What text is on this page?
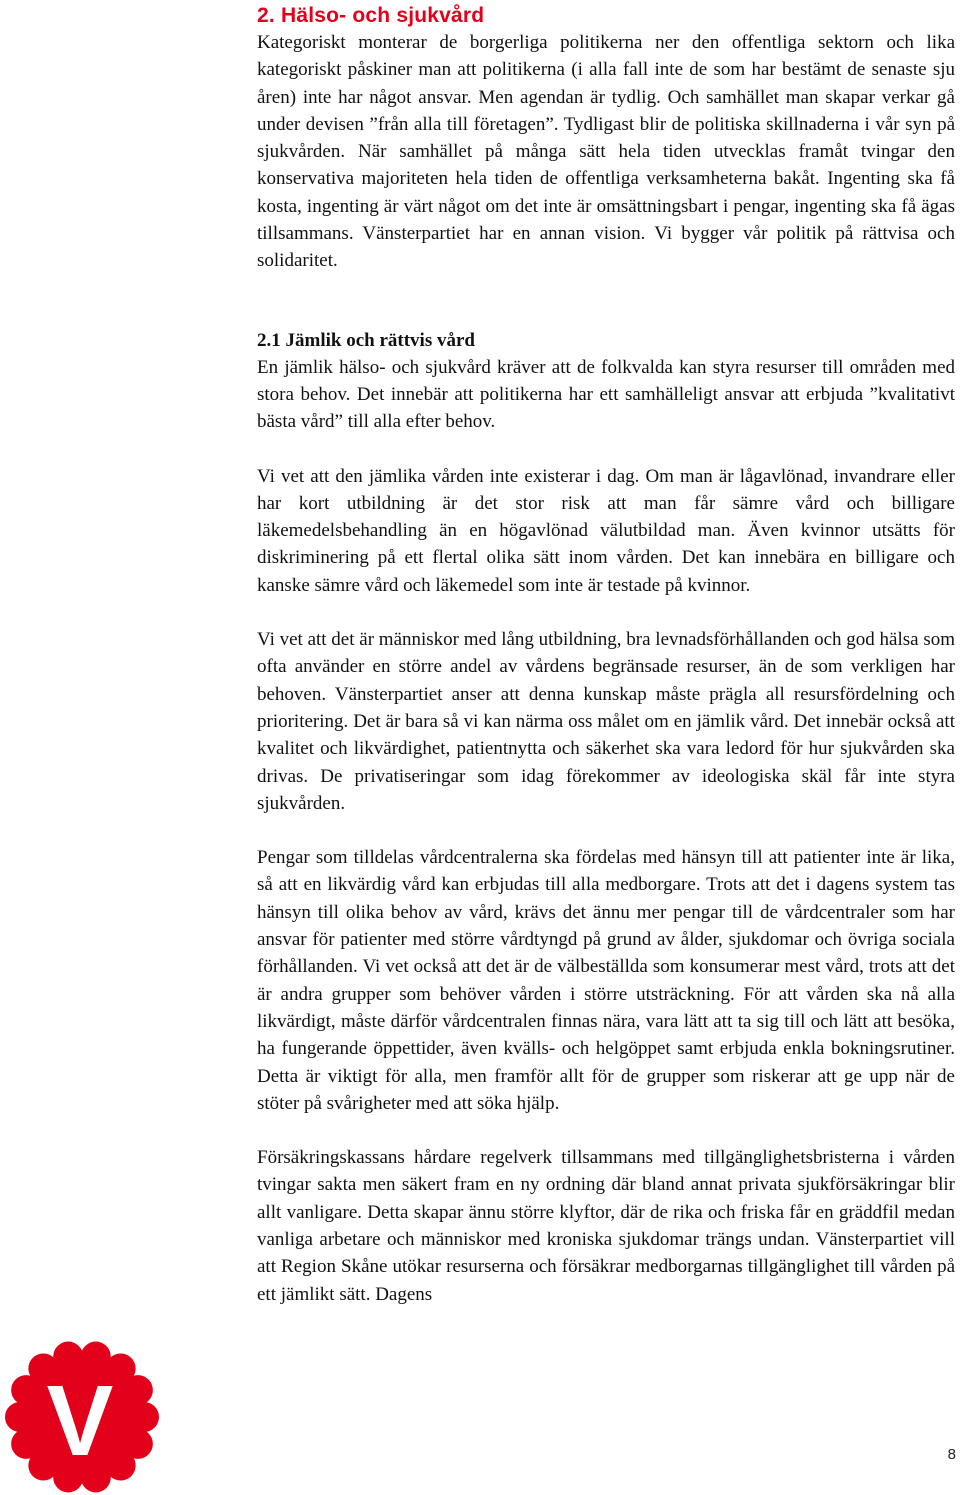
2. Hälso- och sjukvård

Kategoriskt monterar de borgerliga politikerna ner den offentliga sektorn och lika kategoriskt påskiner man att politikerna (i alla fall inte de som har bestämt de senaste sju åren) inte har något ansvar. Men agendan är tydlig. Och samhället man skapar verkar gå under devisen ”från alla till företagen”. Tydligast blir de politiska skillnaderna i vår syn på sjukvården. När samhället på många sätt hela tiden utvecklas framåt tvingar den konservativa majoriteten hela tiden de offentliga verksamheterna bakåt. Ingenting ska få kosta, ingenting är värt något om det inte är omsättningsbart i pengar, ingenting ska få ägas tillsammans. Vänsterpartiet har en annan vision. Vi bygger vår politik på rättvisa och solidaritet.

2.1 Jämlik och rättvis vård

En jämlik hälso- och sjukvård kräver att de folkvalda kan styra resurser till områden med stora behov. Det innebär att politikerna har ett samhälleligt ansvar att erbjuda ”kvalitativt bästa vård” till alla efter behov.

Vi vet att den jämlika vården inte existerar i dag. Om man är lågavlönad, invandrare eller har kort utbildning är det stor risk att man får sämre vård och billigare läkemedelsbehandling än en högavlönad välutbildad man. Även kvinnor utsätts för diskriminering på ett flertal olika sätt inom vården. Det kan innebära en billigare och kanske sämre vård och läkemedel som inte är testade på kvinnor.

Vi vet att det är människor med lång utbildning, bra levnadsförhållanden och god hälsa som ofta använder en större andel av vårdens begränsade resurser, än de som verkligen har behoven. Vänsterpartiet anser att denna kunskap måste prägla all resursfördelning och prioritering. Det är bara så vi kan närma oss målet om en jämlik vård. Det innebär också att kvalitet och likvärdighet, patientnytta och säkerhet ska vara ledord för hur sjukvården ska drivas. De privatiseringar som idag förekommer av ideologiska skäl får inte styra sjukvården.

Pengar som tilldelas vårdcentralerna ska fördelas med hänsyn till att patienter inte är lika, så att en likvärdig vård kan erbjudas till alla medborgare. Trots att det i dagens system tas hänsyn till olika behov av vård, krävs det ännu mer pengar till de vårdcentraler som har ansvar för patienter med större vårdtyngd på grund av ålder, sjukdomar och övriga sociala förhållanden. Vi vet också att det är de välbeställda som konsumerar mest vård, trots att det är andra grupper som behöver vården i större utsträckning. För att vården ska nå alla likvärdigt, måste därför vårdcentralen finnas nära, vara lätt att ta sig till och lätt att besöka, ha fungerande öppettider, även kvälls- och helgöppet samt erbjuda enkla bokningsrutiner. Detta är viktigt för alla, men framför allt för de grupper som riskerar att ge upp när de stöter på svårigheter med att söka hjälp.

Försäkringskassans hårdare regelverk tillsammans med tillgänglighetsbristerna i vården tvingar sakta men säkert fram en ny ordning där bland annat privata sjukförsäkringar blir allt vanligare. Detta skapar ännu större klyftor, där de rika och friska får en gräddfil medan vanliga arbetare och människor med kroniska sjukdomar trängs undan. Vänsterpartiet vill att Region Skåne utökar resurserna och försäkrar medborgarnas tillgänglighet till vården på ett jämlikt sätt. Dagens

V	8
